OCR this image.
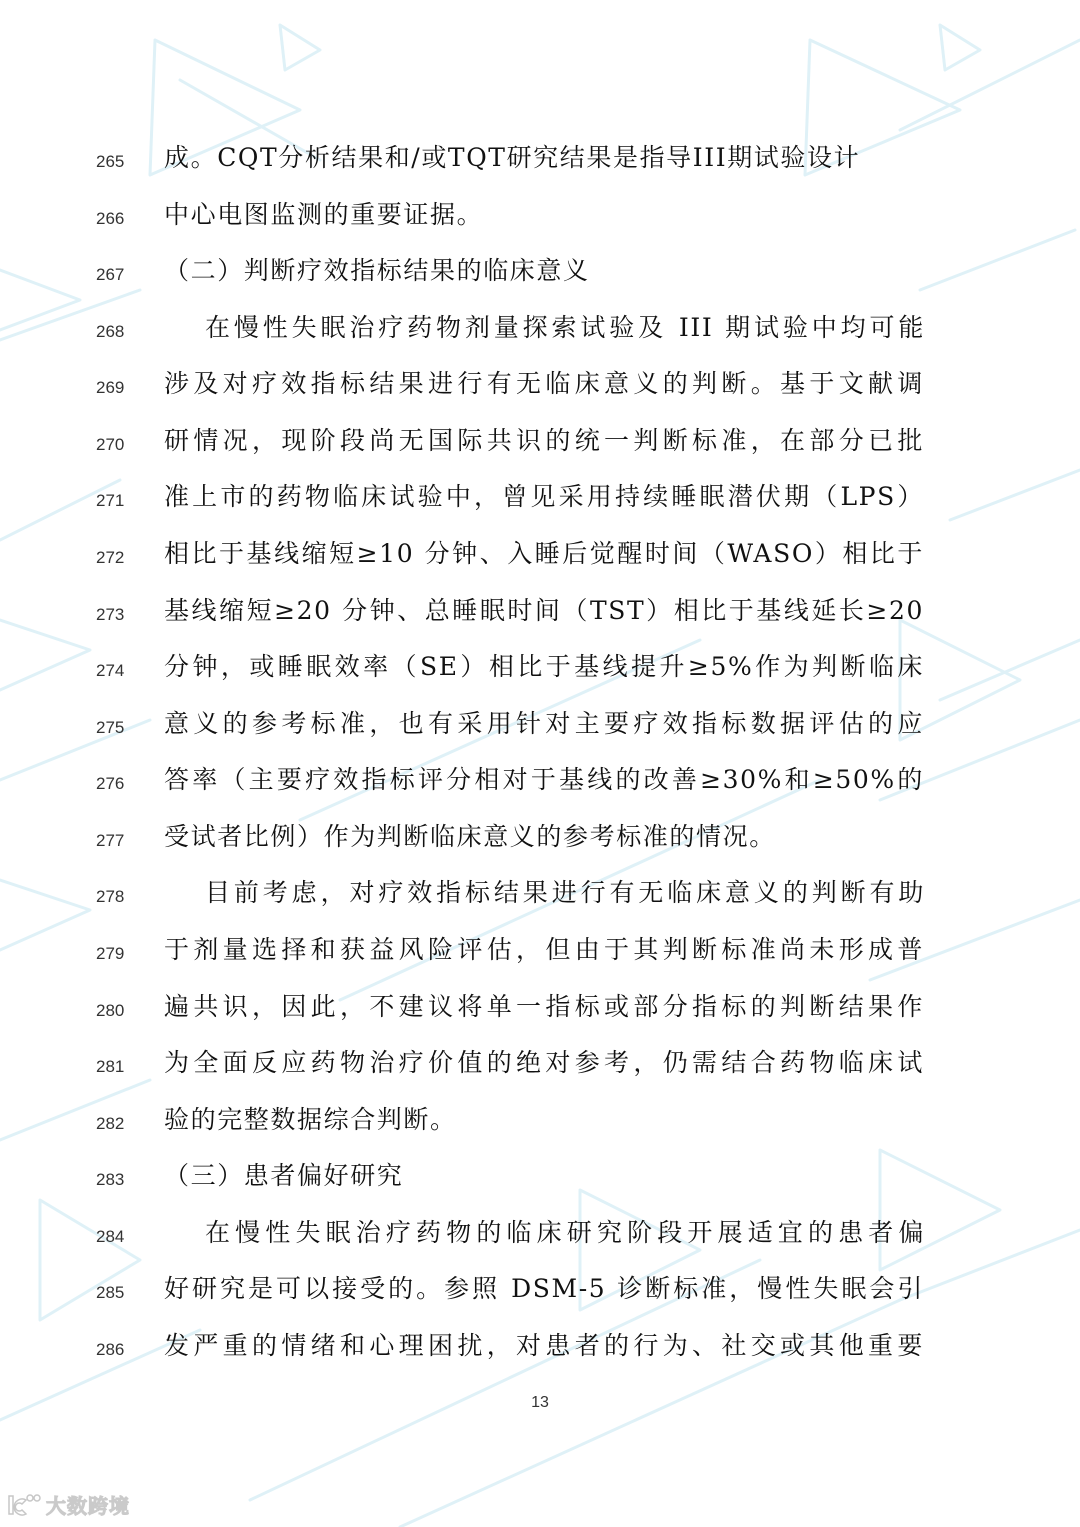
265	成。CQT分析结果和/或TQT研究结果是指导III期试验设计
266	中心电图监测的重要证据。
267	（二）判断疗效指标结果的临床意义
268	在慢性失眠治疗药物剂量探索试验及 III 期试验中均可能
269	涉及对疗效指标结果进行有无临床意义的判断。基于文献调
270	研情况，现阶段尚无国际共识的统一判断标准，在部分已批
271	准上市的药物临床试验中，曾见采用持续睡眠潜伏期（LPS）
272	相比于基线缩短≥10 分钟、入睡后觉醒时间（WASO）相比于
273	基线缩短≥20 分钟、总睡眠时间（TST）相比于基线延长≥20
274	分钟，或睡眠效率（SE）相比于基线提升≥5%作为判断临床
275	意义的参考标准，也有采用针对主要疗效指标数据评估的应
276	答率（主要疗效指标评分相对于基线的改善≥30%和≥50%的
277	受试者比例）作为判断临床意义的参考标准的情况。
278	目前考虑，对疗效指标结果进行有无临床意义的判断有助
279	于剂量选择和获益风险评估，但由于其判断标准尚未形成普
280	遍共识，因此，不建议将单一指标或部分指标的判断结果作
281	为全面反应药物治疗价值的绝对参考，仍需结合药物临床试
282	验的完整数据综合判断。
283	（三）患者偏好研究
284	在慢性失眠治疗药物的临床研究阶段开展适宜的患者偏
285	好研究是可以接受的。参照 DSM-5 诊断标准，慢性失眠会引
286	发严重的情绪和心理困扰，对患者的行为、社交或其他重要
13
大数跨境
